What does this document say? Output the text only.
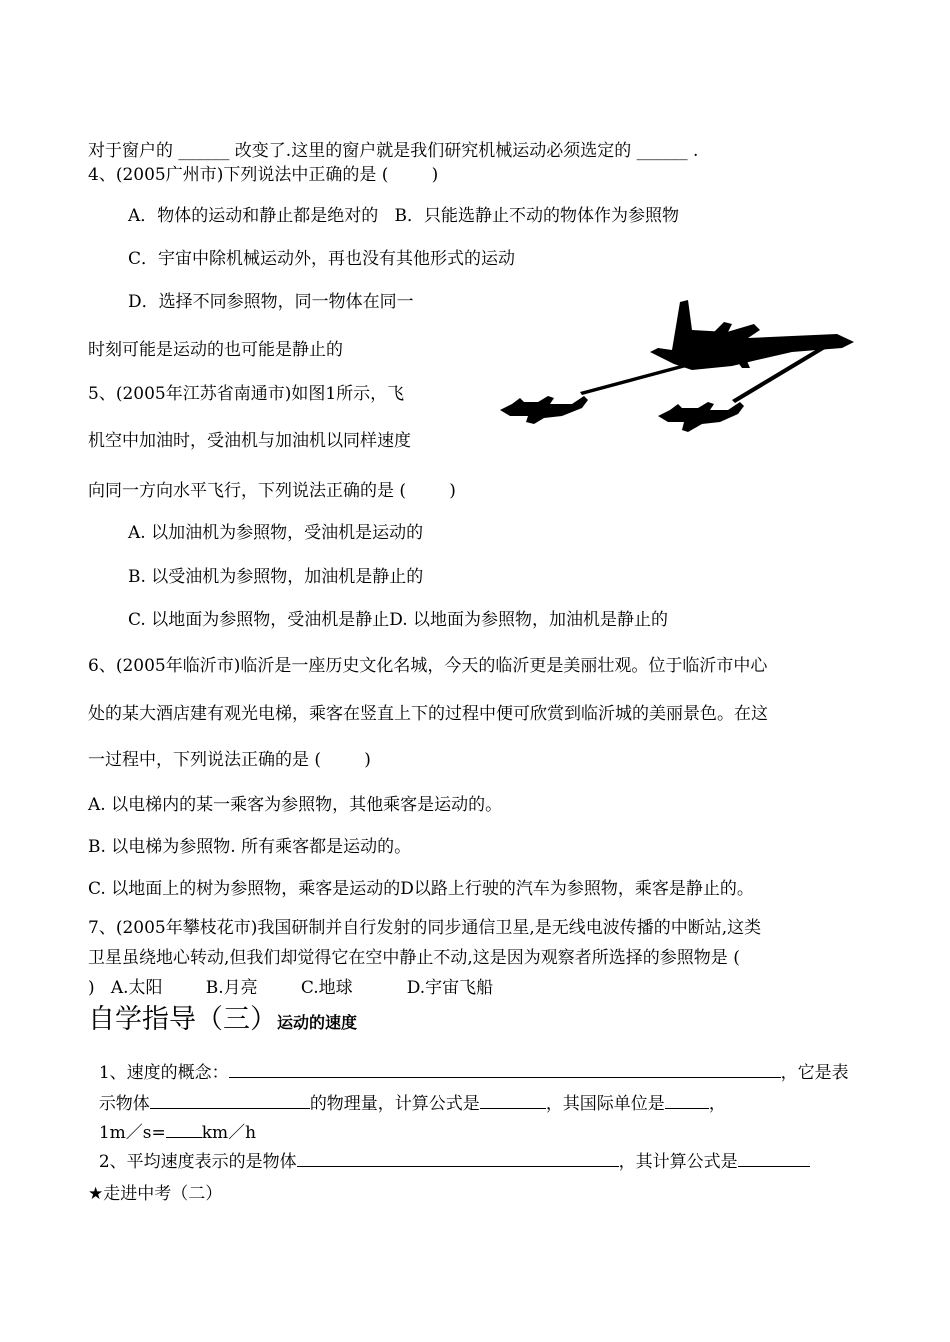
对于窗户的 ______ 改变了.这里的窗户就是我们研究机械运动必须选定的 ______ .
4、(2005广州市)下列说法中正确的是 (        )
A．物体的运动和静止都是绝对的   B．只能选静止不动的物体作为参照物
C．宇宙中除机械运动外，再也没有其他形式的运动
D．选择不同参照物，同一物体在同一
时刻可能是运动的也可能是静止的
5、(2005年江苏省南通市)如图1所示，飞
机空中加油时，受油机与加油机以同样速度
向同一方向水平飞行，下列说法正确的是 (        )
A. 以加油机为参照物，受油机是运动的
B. 以受油机为参照物，加油机是静止的
C. 以地面为参照物，受油机是静止D. 以地面为参照物，加油机是静止的
6、(2005年临沂市)临沂是一座历史文化名城，今天的临沂更是美丽壮观。位于临沂市中心
处的某大酒店建有观光电梯，乘客在竖直上下的过程中便可欣赏到临沂城的美丽景色。在这
一过程中，下列说法正确的是 (        )
A. 以电梯内的某一乘客为参照物，其他乘客是运动的。
B. 以电梯为参照物. 所有乘客都是运动的。
C. 以地面上的树为参照物，乘客是运动的D以路上行驶的汽车为参照物，乘客是静止的。
7、(2005年攀枝花市)我国研制并自行发射的同步通信卫星,是无线电波传播的中断站,这类
卫星虽绕地心转动,但我们却觉得它在空中静止不动,这是因为观察者所选择的参照物是 (
)   A.太阳        B.月亮        C.地球          D.宇宙飞船
自学指导（三）运动的速度

1、速度的概念：	，它是表

示物体	的物理量，计算公式是	，其国际单位是	，

1m／s= km／h

2、平均速度表示的是物体	，其计算公式是

★走进中考（二）
